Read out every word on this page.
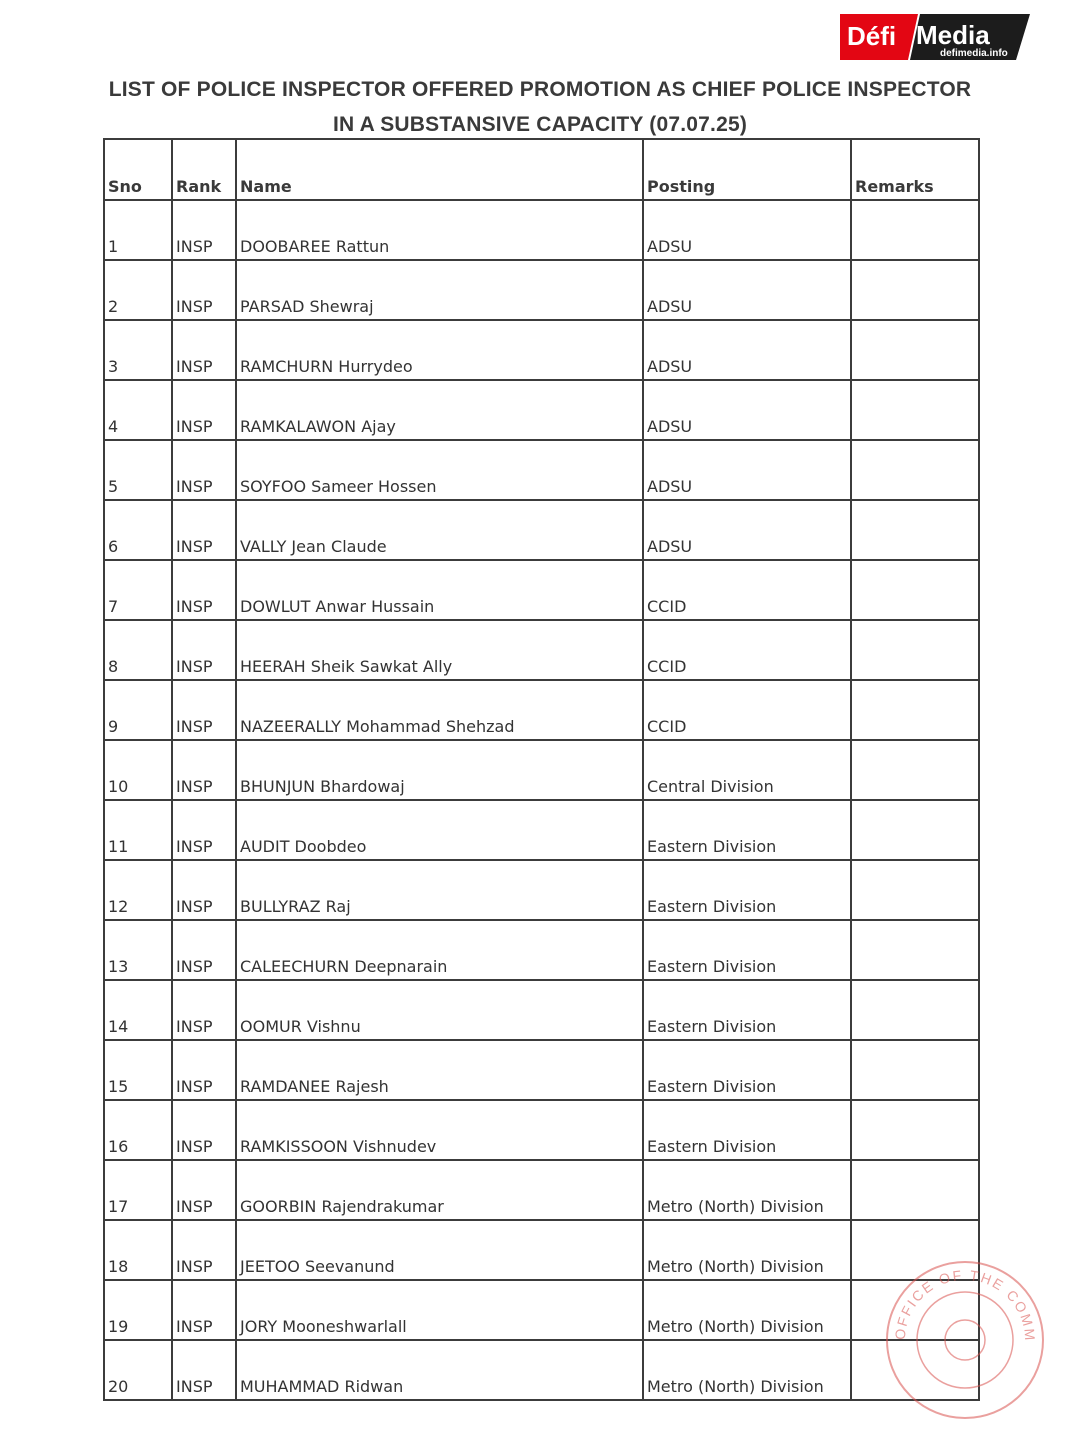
Défi Media
defimedia.info
LIST OF POLICE INSPECTOR OFFERED PROMOTION AS CHIEF POLICE INSPECTOR
IN A SUBSTANSIVE CAPACITY (07.07.25)
Sno	Rank	Name	Posting	Remarks
1	INSP	DOOBAREE Rattun	ADSU	
2	INSP	PARSAD Shewraj	ADSU	
3	INSP	RAMCHURN Hurrydeo	ADSU	
4	INSP	RAMKALAWON Ajay	ADSU	
5	INSP	SOYFOO Sameer Hossen	ADSU	
6	INSP	VALLY Jean Claude	ADSU	
7	INSP	DOWLUT Anwar Hussain	CCID	
8	INSP	HEERAH Sheik Sawkat Ally	CCID	
9	INSP	NAZEERALLY Mohammad Shehzad	CCID	
10	INSP	BHUNJUN Bhardowaj	Central Division	
11	INSP	AUDIT Doobdeo	Eastern Division	
12	INSP	BULLYRAZ Raj	Eastern Division	
13	INSP	CALEECHURN Deepnarain	Eastern Division	
14	INSP	OOMUR Vishnu	Eastern Division	
15	INSP	RAMDANEE Rajesh	Eastern Division	
16	INSP	RAMKISSOON Vishnudev	Eastern Division	
17	INSP	GOORBIN Rajendrakumar	Metro (North) Division	
18	INSP	JEETOO Seevanund	Metro (North) Division	
19	INSP	JORY Mooneshwarlall	Metro (North) Division	
20	INSP	MUHAMMAD Ridwan	Metro (North) Division	
OFFICE OF THE COMM
